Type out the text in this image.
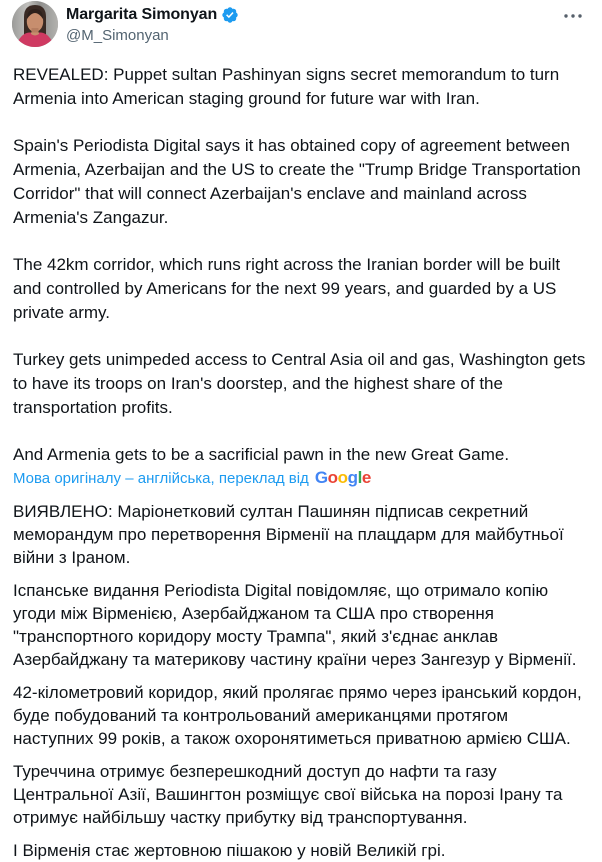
Margarita Simonyan
@M_Simonyan

REVEALED: Puppet sultan Pashinyan signs secret memorandum to turn Armenia into American staging ground for future war with Iran.

Spain's Periodista Digital says it has obtained copy of agreement between Armenia, Azerbaijan and the US to create the "Trump Bridge Transportation Corridor" that will connect Azerbaijan's enclave and mainland across Armenia's Zangazur.

The 42km corridor, which runs right across the Iranian border will be built and controlled by Americans for the next 99 years, and guarded by a US private army.

Turkey gets unimpeded access to Central Asia oil and gas, Washington gets to have its troops on Iran's doorstep, and the highest share of the transportation profits.

And Armenia gets to be a sacrificial pawn in the new Great Game.

Мова оригіналу – англійська, переклад від Google

ВИЯВЛЕНО: Маріонетковий султан Пашинян підписав секретний меморандум про перетворення Вірменії на плацдарм для майбутньої війни з Іраном.

Іспанське видання Periodista Digital повідомляє, що отримало копію угоди між Вірменією, Азербайджаном та США про створення "транспортного коридору мосту Трампа", який з'єднає анклав Азербайджану та материкову частину країни через Зангезур у Вірменії.

42-кілометровий коридор, який пролягає прямо через іранський кордон, буде побудований та контрольований американцями протягом наступних 99 років, а також охоронятиметься приватною армією США.

Туреччина отримує безперешкодний доступ до нафти та газу Центральної Азії, Вашингтон розміщує свої війська на порозі Ірану та отримує найбільшу частку прибутку від транспортування.

І Вірменія стає жертовною пішакою у новій Великій грі.
